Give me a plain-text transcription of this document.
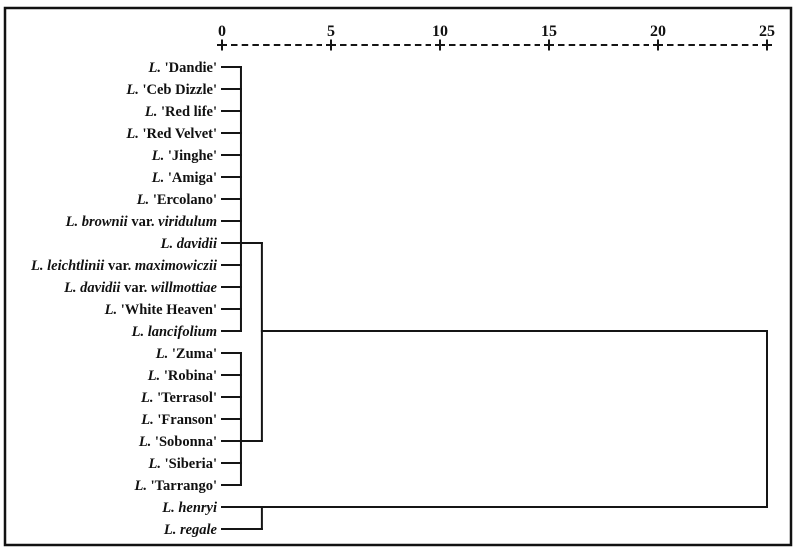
0	5	10	15	20	25
L. 'Dandie'
L. 'Ceb Dizzle'
L. 'Red life'
L. 'Red Velvet'
L. 'Jinghe'
L. 'Amiga'
L. 'Ercolano'
L. brownii var. viridulum
L. davidii
L. leichtlinii var. maximowiczii
L. davidii var. willmottiae
L. 'White Heaven'
L. lancifolium
L. 'Zuma'
L. 'Robina'
L. 'Terrasol'
L. 'Franson'
L. 'Sobonna'
L. 'Siberia'
L. 'Tarrango'
L. henryi
L. regale
